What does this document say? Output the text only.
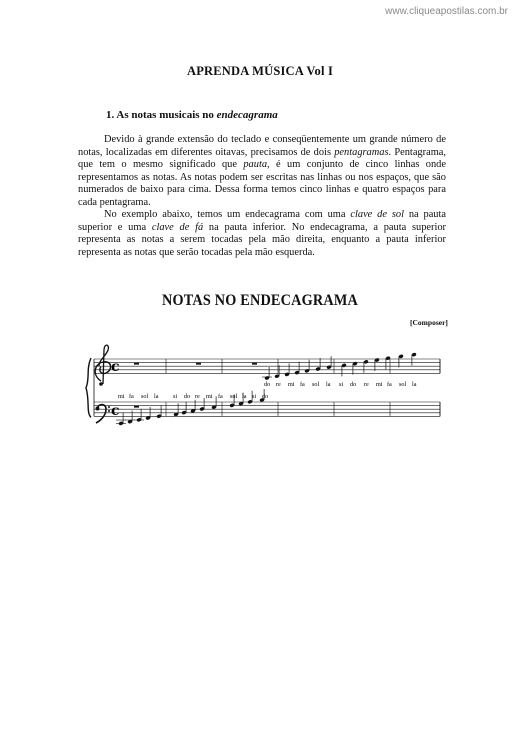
www.cliqueapostilas.com.br
APRENDA MÚSICA Vol I
1. As notas musicais no endecagrama

Devido à grande extensão do teclado e conseqüentemente um grande número de notas, localizadas em diferentes oitavas, precisamos de dois pentagramas. Pentagrama, que tem o mesmo significado que pauta, é um conjunto de cinco linhas onde representamos as notas. As notas podem ser escritas nas linhas ou nos espaços, que são numerados de baixo para cima. Dessa forma temos cinco linhas e quatro espaços para cada pentagrama.

No exemplo abaixo, temos um endecagrama com uma clave de sol na pauta superior e uma clave de fá na pauta inferior. No endecagrama, a pauta superior representa as notas a serem tocadas pela mão direita, enquanto a pauta inferior representa as notas que serão tocadas pela mão esquerda.

NOTAS NO ENDECAGRAMA
[Composer]
c
c
mi fa sol la si do re mi fa sol la si do
do re mi fa sol la si do re mi fa sol la
